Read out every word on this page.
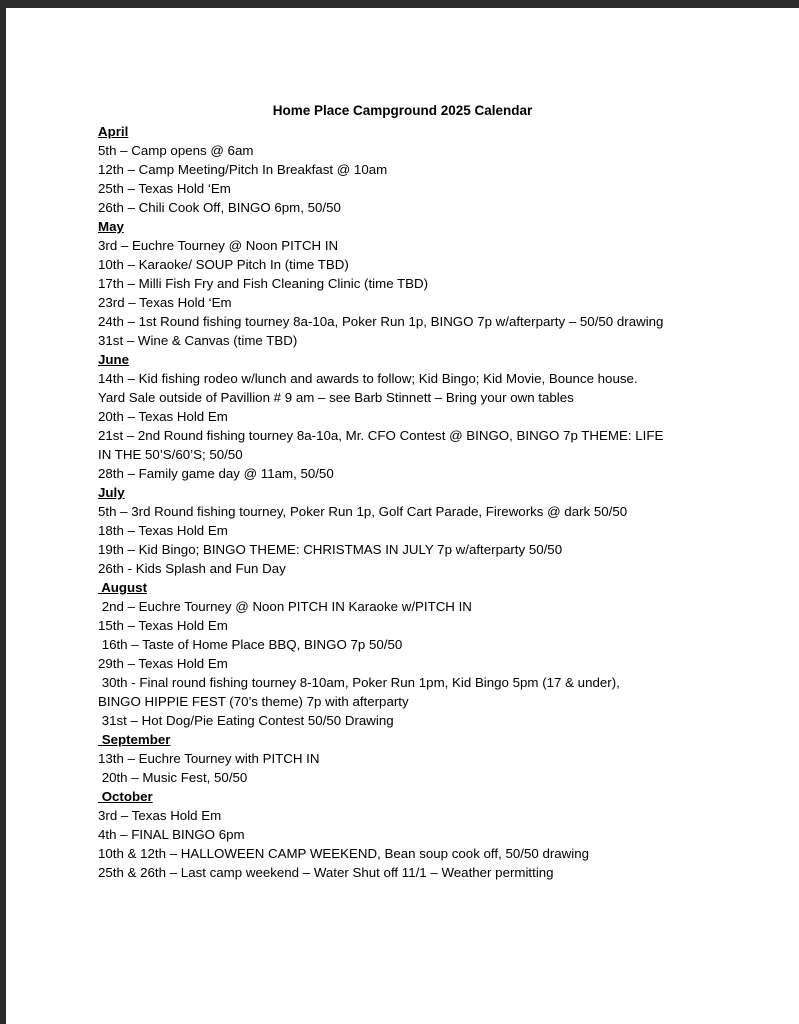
Home Place Campground 2025 Calendar
April
5th – Camp opens @ 6am
12th – Camp Meeting/Pitch In Breakfast @ 10am
25th – Texas Hold ‘Em
26th – Chili Cook Off, BINGO 6pm, 50/50
May
3rd – Euchre Tourney @ Noon PITCH IN
10th – Karaoke/ SOUP Pitch In (time TBD)
17th – Milli Fish Fry and Fish Cleaning Clinic (time TBD)
23rd – Texas Hold ‘Em
24th – 1st Round fishing tourney 8a-10a, Poker Run 1p, BINGO 7p w/afterparty – 50/50 drawing
31st – Wine & Canvas (time TBD)
June
14th – Kid fishing rodeo w/lunch and awards to follow; Kid Bingo; Kid Movie, Bounce house.
Yard Sale outside of Pavillion # 9 am – see Barb Stinnett – Bring your own tables
20th – Texas Hold Em
21st – 2nd Round fishing tourney 8a-10a, Mr. CFO Contest @ BINGO, BINGO 7p THEME: LIFE
IN THE 50’S/60’S; 50/50
28th – Family game day @ 11am, 50/50
July
5th – 3rd Round fishing tourney, Poker Run 1p, Golf Cart Parade, Fireworks @ dark 50/50
18th – Texas Hold Em
19th – Kid Bingo; BINGO THEME: CHRISTMAS IN JULY 7p w/afterparty 50/50
26th - Kids Splash and Fun Day
August
2nd – Euchre Tourney @ Noon PITCH IN Karaoke w/PITCH IN
15th – Texas Hold Em
16th – Taste of Home Place BBQ, BINGO 7p 50/50
29th – Texas Hold Em
30th - Final round fishing tourney 8-10am, Poker Run 1pm, Kid Bingo 5pm (17 & under),
BINGO HIPPIE FEST (70’s theme) 7p with afterparty
31st – Hot Dog/Pie Eating Contest 50/50 Drawing
September
13th – Euchre Tourney with PITCH IN
20th – Music Fest, 50/50
October
3rd – Texas Hold Em
4th – FINAL BINGO 6pm
10th & 12th – HALLOWEEN CAMP WEEKEND, Bean soup cook off, 50/50 drawing
25th & 26th – Last camp weekend – Water Shut off 11/1 – Weather permitting
